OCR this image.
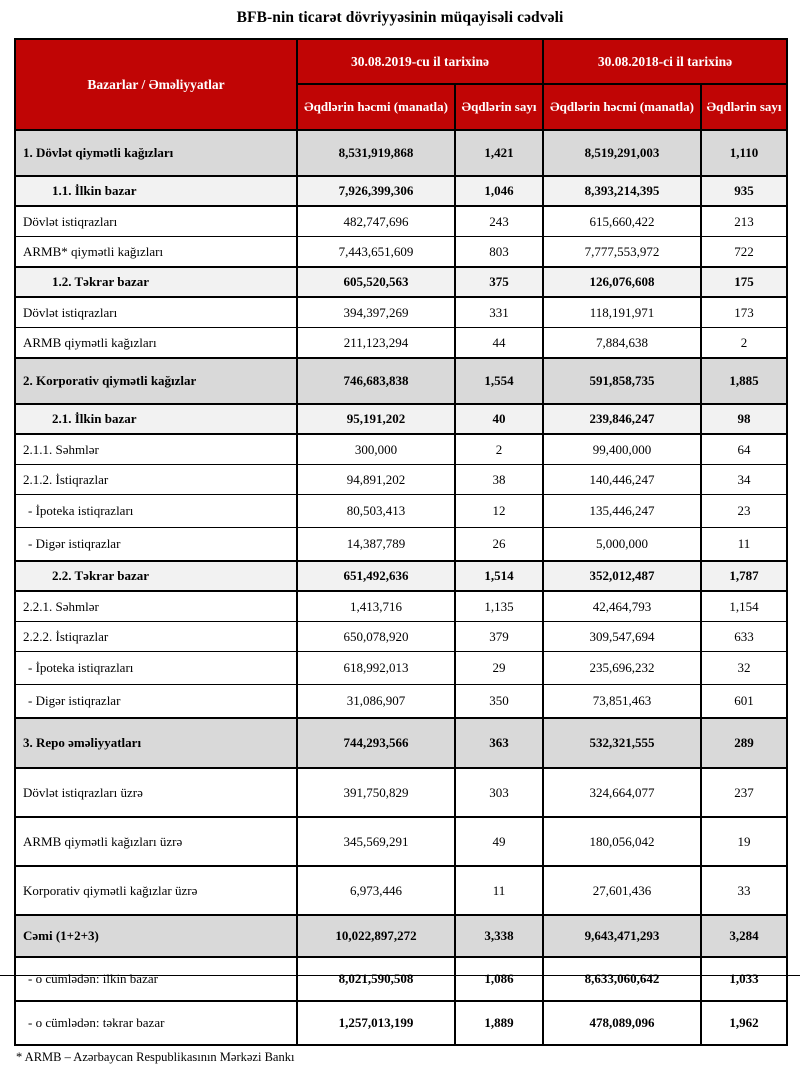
BFB-nin ticarət dövriyyəsinin müqayisəli cədvəli
Bazarlar / Əməliyyatlar	30.08.2019-cu il tarixinə		30.08.2018-ci il tarixinə	
	Əqdlərin həcmi (manatla)	Əqdlərin sayı	Əqdlərin həcmi (manatla)	Əqdlərin sayı
1. Dövlət qiymətli kağızları	8,531,919,868	1,421	8,519,291,003	1,110
1.1. İlkin bazar	7,926,399,306	1,046	8,393,214,395	935
Dövlət istiqrazları	482,747,696	243	615,660,422	213
ARMB* qiymətli kağızları	7,443,651,609	803	7,777,553,972	722
1.2. Təkrar bazar	605,520,563	375	126,076,608	175
Dövlət istiqrazları	394,397,269	331	118,191,971	173
ARMB qiymətli kağızları	211,123,294	44	7,884,638	2
2. Korporativ qiymətli kağızlar	746,683,838	1,554	591,858,735	1,885
2.1. İlkin bazar	95,191,202	40	239,846,247	98
2.1.1. Səhmlər	300,000	2	99,400,000	64
2.1.2. İstiqrazlar	94,891,202	38	140,446,247	34
- İpoteka istiqrazları	80,503,413	12	135,446,247	23
- Digər istiqrazlar	14,387,789	26	5,000,000	11
2.2. Təkrar bazar	651,492,636	1,514	352,012,487	1,787
2.2.1. Səhmlər	1,413,716	1,135	42,464,793	1,154
2.2.2. İstiqrazlar	650,078,920	379	309,547,694	633
- İpoteka istiqrazları	618,992,013	29	235,696,232	32
- Digər istiqrazlar	31,086,907	350	73,851,463	601
3. Repo əməliyyatları	744,293,566	363	532,321,555	289
Dövlət istiqrazları üzrə	391,750,829	303	324,664,077	237
ARMB qiymətli kağızları üzrə	345,569,291	49	180,056,042	19
Korporativ qiymətli kağızlar üzrə	6,973,446	11	27,601,436	33
Cəmi (1+2+3)	10,022,897,272	3,338	9,643,471,293	3,284
- o cümlədən: ilkin bazar	8,021,590,508	1,086	8,633,060,642	1,033
- o cümlədən: təkrar bazar	1,257,013,199	1,889	478,089,096	1,962
* ARMB – Azərbaycan Respublikasının Mərkəzi Bankı
